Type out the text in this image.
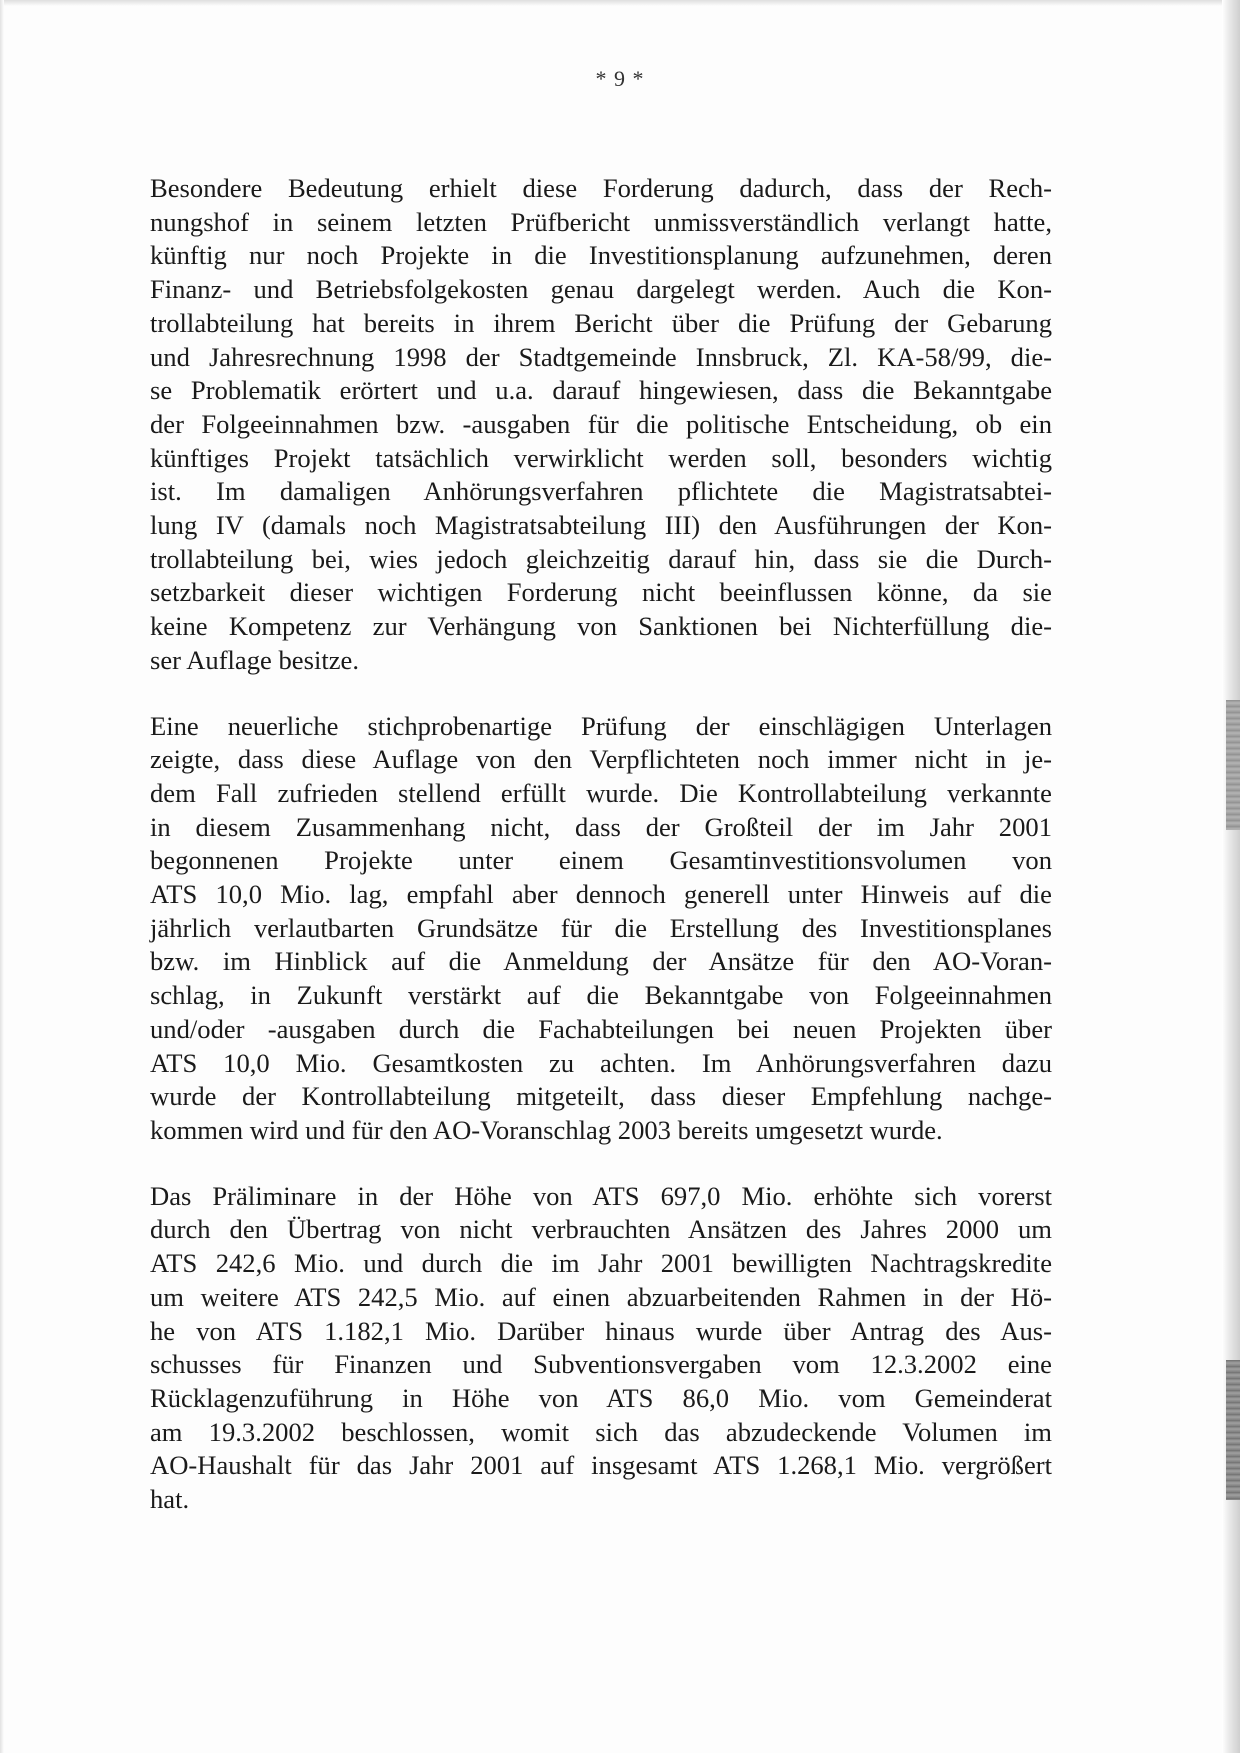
* 9 *

Besondere Bedeutung erhielt diese Forderung dadurch, dass der Rech-
nungshof in seinem letzten Prüfbericht unmissverständlich verlangt hatte,
künftig nur noch Projekte in die Investitionsplanung aufzunehmen, deren
Finanz- und Betriebsfolgekosten genau dargelegt werden. Auch die Kon-
trollabteilung hat bereits in ihrem Bericht über die Prüfung der Gebarung
und Jahresrechnung 1998 der Stadtgemeinde Innsbruck, Zl. KA-58/99, die-
se Problematik erörtert und u.a. darauf hingewiesen, dass die Bekanntgabe
der Folgeeinnahmen bzw. -ausgaben für die politische Entscheidung, ob ein
künftiges Projekt tatsächlich verwirklicht werden soll, besonders wichtig
ist. Im damaligen Anhörungsverfahren pflichtete die Magistratsabtei-
lung IV (damals noch Magistratsabteilung III) den Ausführungen der Kon-
trollabteilung bei, wies jedoch gleichzeitig darauf hin, dass sie die Durch-
setzbarkeit dieser wichtigen Forderung nicht beeinflussen könne, da sie
keine Kompetenz zur Verhängung von Sanktionen bei Nichterfüllung die-
ser Auflage besitze.

Eine neuerliche stichprobenartige Prüfung der einschlägigen Unterlagen
zeigte, dass diese Auflage von den Verpflichteten noch immer nicht in je-
dem Fall zufrieden stellend erfüllt wurde. Die Kontrollabteilung verkannte
in diesem Zusammenhang nicht, dass der Großteil der im Jahr 2001
begonnenen Projekte unter einem Gesamtinvestitionsvolumen von
ATS 10,0 Mio. lag, empfahl aber dennoch generell unter Hinweis auf die
jährlich verlautbarten Grundsätze für die Erstellung des Investitionsplanes
bzw. im Hinblick auf die Anmeldung der Ansätze für den AO-Voran-
schlag, in Zukunft verstärkt auf die Bekanntgabe von Folgeeinnahmen
und/oder -ausgaben durch die Fachabteilungen bei neuen Projekten über
ATS 10,0 Mio. Gesamtkosten zu achten. Im Anhörungsverfahren dazu
wurde der Kontrollabteilung mitgeteilt, dass dieser Empfehlung nachge-
kommen wird und für den AO-Voranschlag 2003 bereits umgesetzt wurde.

Das Präliminare in der Höhe von ATS 697,0 Mio. erhöhte sich vorerst
durch den Übertrag von nicht verbrauchten Ansätzen des Jahres 2000 um
ATS 242,6 Mio. und durch die im Jahr 2001 bewilligten Nachtragskredite
um weitere ATS 242,5 Mio. auf einen abzuarbeitenden Rahmen in der Hö-
he von ATS 1.182,1 Mio. Darüber hinaus wurde über Antrag des Aus-
schusses für Finanzen und Subventionsvergaben vom 12.3.2002 eine
Rücklagenzuführung in Höhe von ATS 86,0 Mio. vom Gemeinderat
am 19.3.2002 beschlossen, womit sich das abzudeckende Volumen im
AO-Haushalt für das Jahr 2001 auf insgesamt ATS 1.268,1 Mio. vergrößert
hat.
